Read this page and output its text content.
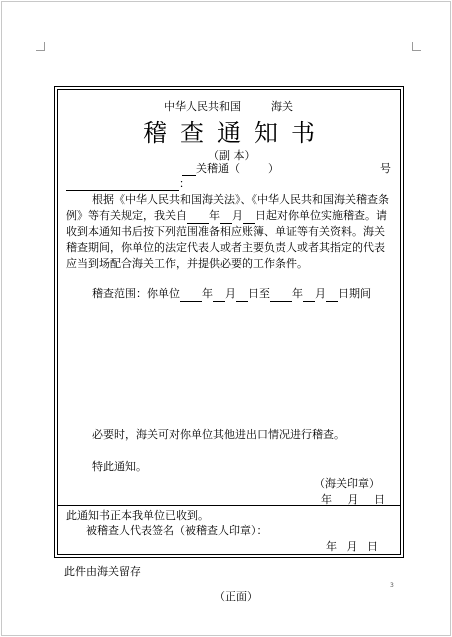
中华人民共和国	海关
稽查通知书
（副 本）
关稽通（	）	号
：
根据《中华人民共和国海关法》、《中华人民共和国海关稽查条例》等有关规定，我关自 年 月 日起对你单位实施稽查。请收到本通知书后按下列范围准备相应账簿、单证等有关资料。海关稽查期间，你单位的法定代表人或者主要负责人或者其指定的代表应当到场配合海关工作，并提供必要的工作条件。
稽查范围：你单位 年 月 日至 年 月 日期间
必要时，海关可对你单位其他进出口情况进行稽查。
特此通知。
（海关印章）
年 月 日
此通知书正本我单位已收到。
被稽查人代表签名（被稽查人印章）：
年 月 日
此件由海关留存
（正面）
3
